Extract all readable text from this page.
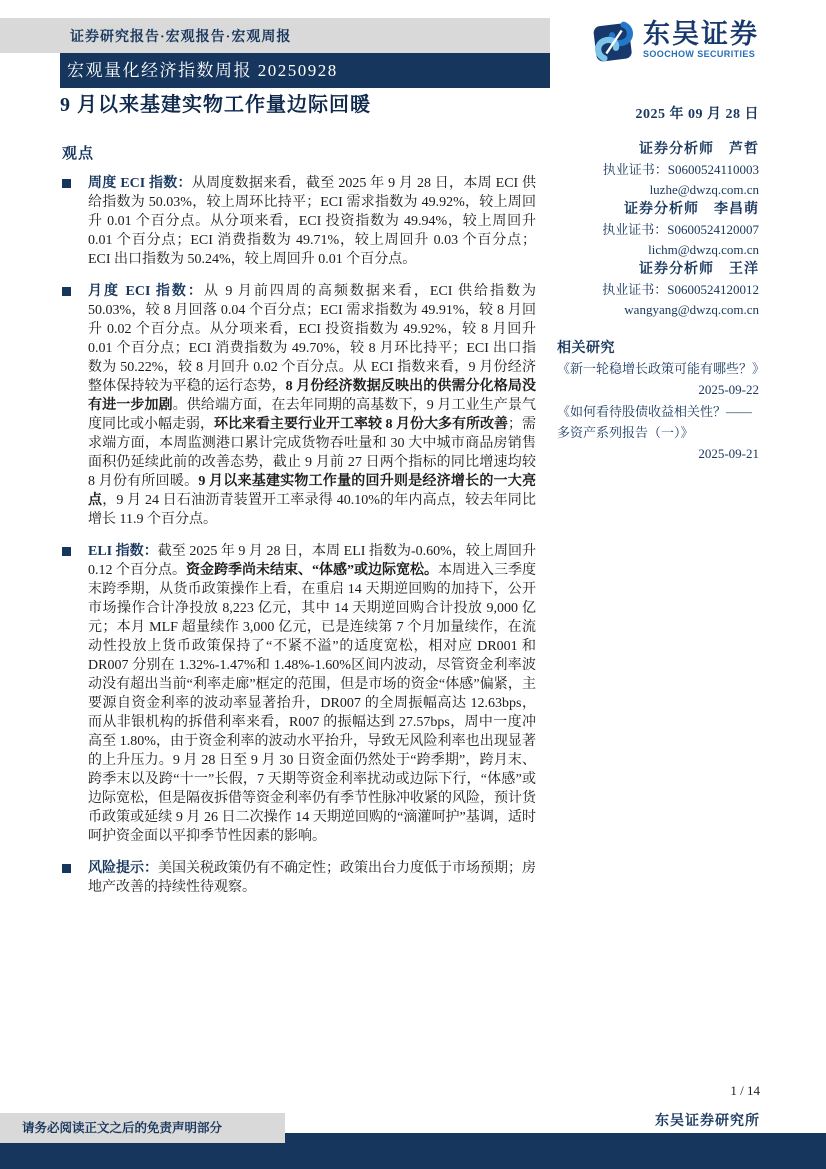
证券研究报告·宏观报告·宏观周报
宏观量化经济指数周报 20250928
9 月以来基建实物工作量边际回暖
东吴证券
SOOCHOW SECURITIES
观点
周度 ECI 指数：从周度数据来看，截至 2025 年 9 月 28 日，本周 ECI 供给指数为 50.03%，较上周环比持平；ECI 需求指数为 49.92%，较上周回升 0.01 个百分点。从分项来看，ECI 投资指数为 49.94%，较上周回升 0.01 个百分点；ECI 消费指数为 49.71%，较上周回升 0.03 个百分点；ECI 出口指数为 50.24%，较上周回升 0.01 个百分点。
月度 ECI 指数：从 9 月前四周的高频数据来看，ECI 供给指数为 50.03%，较 8 月回落 0.04 个百分点；ECI 需求指数为 49.91%，较 8 月回升 0.02 个百分点。从分项来看，ECI 投资指数为 49.92%，较 8 月回升 0.01 个百分点；ECI 消费指数为 49.70%，较 8 月环比持平；ECI 出口指数为 50.22%，较 8 月回升 0.02 个百分点。从 ECI 指数来看，9 月份经济整体保持较为平稳的运行态势，8 月份经济数据反映出的供需分化格局没有进一步加剧。供给端方面，在去年同期的高基数下，9 月工业生产景气度同比或小幅走弱，环比来看主要行业开工率较 8 月份大多有所改善；需求端方面，本周监测港口累计完成货物吞吐量和 30 大中城市商品房销售面积仍延续此前的改善态势，截止 9 月前 27 日两个指标的同比增速均较 8 月份有所回暖。9 月以来基建实物工作量的回升则是经济增长的一大亮点，9 月 24 日石油沥青装置开工率录得 40.10%的年内高点，较去年同比增长 11.9 个百分点。
ELI 指数：截至 2025 年 9 月 28 日，本周 ELI 指数为-0.60%，较上周回升 0.12 个百分点。资金跨季尚未结束、“体感”或边际宽松。本周进入三季度末跨季期，从货币政策操作上看，在重启 14 天期逆回购的加持下，公开市场操作合计净投放 8,223 亿元，其中 14 天期逆回购合计投放 9,000 亿元；本月 MLF 超量续作 3,000 亿元，已是连续第 7 个月加量续作，在流动性投放上货币政策保持了“不紧不溢”的适度宽松，相对应 DR001 和 DR007 分别在 1.32%-1.47%和 1.48%-1.60%区间内波动，尽管资金利率波动没有超出当前“利率走廊”框定的范围，但是市场的资金“体感”偏紧，主要源自资金利率的波动率显著抬升，DR007 的全周振幅高达 12.63bps，而从非银机构的拆借利率来看，R007 的振幅达到 27.57bps，周中一度冲高至 1.80%，由于资金利率的波动水平抬升，导致无风险利率也出现显著的上升压力。9 月 28 日至 9 月 30 日资金面仍然处于“跨季期”，跨月末、跨季末以及跨“十一”长假，7 天期等资金利率扰动或边际下行，“体感”或边际宽松，但是隔夜拆借等资金利率仍有季节性脉冲收紧的风险，预计货币政策或延续 9 月 26 日二次操作 14 天期逆回购的“滴灌呵护”基调，适时呵护资金面以平抑季节性因素的影响。
风险提示：美国关税政策仍有不确定性；政策出台力度低于市场预期；房地产改善的持续性待观察。
2025 年 09 月 28 日
证券分析师　芦哲
执业证书：S0600524110003
luzhe@dwzq.com.cn
证券分析师　李昌萌
执业证书：S0600524120007
lichm@dwzq.com.cn
证券分析师　王洋
执业证书：S0600524120012
wangyang@dwzq.com.cn
相关研究
《新一轮稳增长政策可能有哪些？》
2025-09-22
《如何看待股债收益相关性？——多资产系列报告（一）》
2025-09-21
1 / 14
东吴证券研究所
请务必阅读正文之后的免责声明部分
